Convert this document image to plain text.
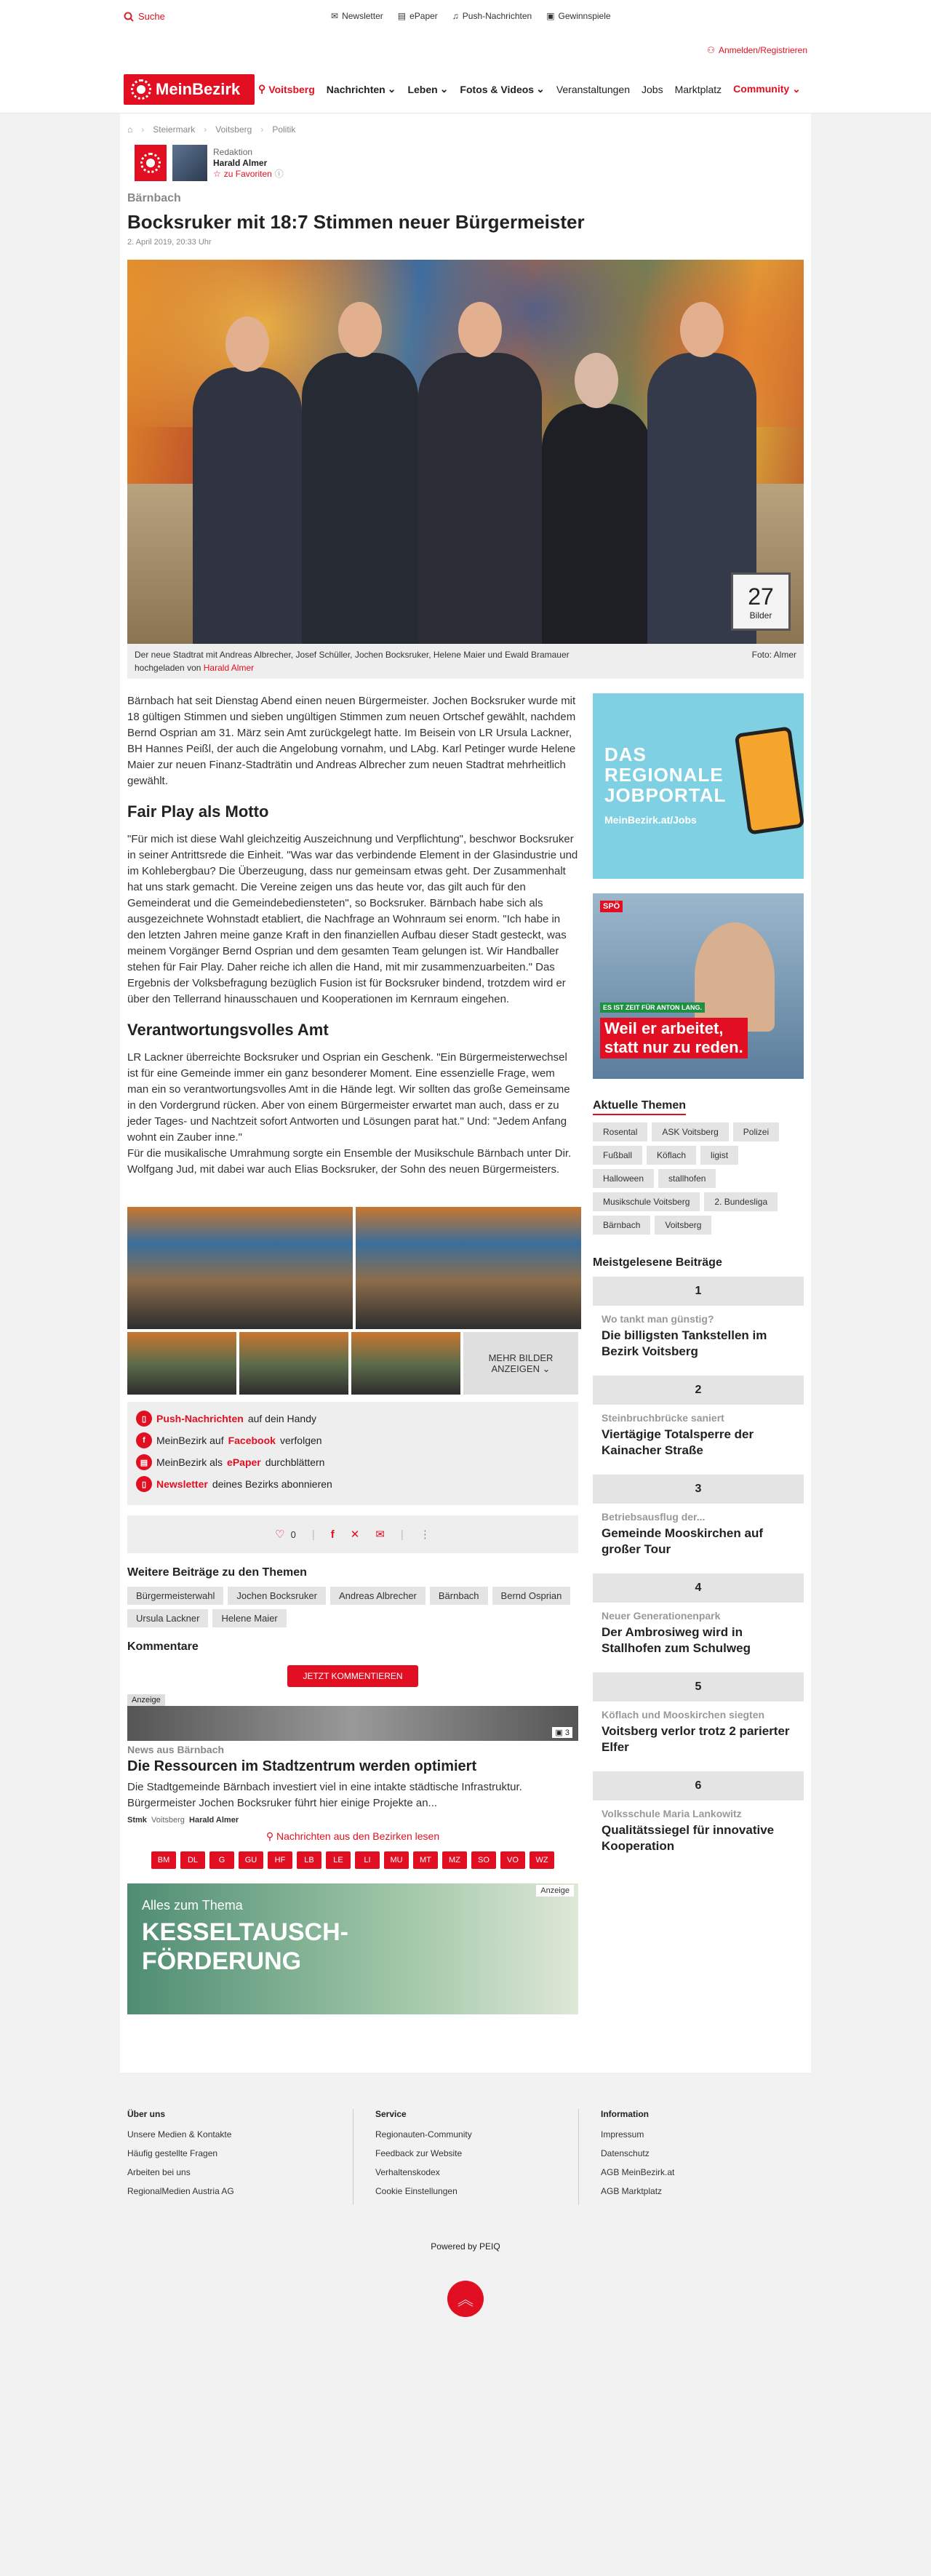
Suche	✉ Newsletter ▤ ePaper ♫ Push-Nachrichten ▣ Gewinnspiele
⚇ Anmelden/Registrieren
MeinBezirk ⚲ Voitsberg Nachrichten ⌄ Leben ⌄ Fotos & Videos ⌄ Veranstaltungen Jobs Marktplatz Community ⌄
⌂ › Steiermark › Voitsberg › Politik
Redaktion
Harald Almer
☆ zu Favoriten ⓘ
Bärnbach
Bocksruker mit 18:7 Stimmen neuer Bürgermeister
2. April 2019, 20:33 Uhr
27
Bilder
Der neue Stadtrat mit Andreas Albrecher, Josef Schüller, Jochen Bocksruker, Helene Maier und Ewald Bramauer
hochgeladen von Harald Almer
Foto: Almer

Bärnbach hat seit Dienstag Abend einen neuen Bürgermeister. Jochen Bocksruker wurde mit 18 gültigen Stimmen und sieben ungültigen Stimmen zum neuen Ortschef gewählt, nachdem Bernd Osprian am 31. März sein Amt zurückgelegt hatte. Im Beisein von LR Ursula Lackner, BH Hannes Peißl, der auch die Angelobung vornahm, und LAbg. Karl Petinger wurde Helene Maier zur neuen Finanz-Stadträtin und Andreas Albrecher zum neuen Stadtrat mehrheitlich gewählt.

Fair Play als Motto

"Für mich ist diese Wahl gleichzeitig Auszeichnung und Verpflichtung", beschwor Bocksruker in seiner Antrittsrede die Einheit. "Was war das verbindende Element in der Glasindustrie und im Kohlebergbau? Die Überzeugung, dass nur gemeinsam etwas geht. Der Zusammenhalt hat uns stark gemacht. Die Vereine zeigen uns das heute vor, das gilt auch für den Gemeinderat und die Gemeindebediensteten", so Bocksruker. Bärnbach habe sich als ausgezeichnete Wohnstadt etabliert, die Nachfrage an Wohnraum sei enorm. "Ich habe in den letzten Jahren meine ganze Kraft in den finanziellen Aufbau dieser Stadt gesteckt, was meinem Vorgänger Bernd Osprian und dem gesamten Team gelungen ist. Wir Handballer stehen für Fair Play. Daher reiche ich allen die Hand, mit mir zusammenzuarbeiten." Das Ergebnis der Volksbefragung bezüglich Fusion ist für Bocksruker bindend, trotzdem wird er über den Tellerrand hinausschauen und Kooperationen im Kernraum eingehen.

Verantwortungsvolles Amt

LR Lackner überreichte Bocksruker und Osprian ein Geschenk. "Ein Bürgermeisterwechsel ist für eine Gemeinde immer ein ganz besonderer Moment. Eine essenzielle Frage, wem man ein so verantwortungsvolles Amt in die Hände legt. Wir sollten das große Gemeinsame in den Vordergrund rücken. Aber von einem Bürgermeister erwartet man auch, dass er zu jeder Tages- und Nachtzeit sofort Antworten und Lösungen parat hat." Und: "Jedem Anfang wohnt ein Zauber inne."

Für die musikalische Umrahmung sorgte ein Ensemble der Musikschule Bärnbach unter Dir. Wolfgang Jud, mit dabei war auch Elias Bocksruker, der Sohn des neuen Bürgermeisters.

MEHR BILDER
ANZEIGEN ⌄
▯ Push-Nachrichten auf dein Handy
f	MeinBezirk auf Facebook verfolgen
▤ MeinBezirk als ePaper durchblättern
▯ Newsletter deines Bezirks abonnieren
♡ 0 | f ✕ ✉ | ⋮
Weitere Beiträge zu den Themen
Bürgermeisterwahl	Jochen Bocksruker	Andreas Albrecher	Bärnbach	Bernd Osprian
Ursula Lackner	Helene Maier
Kommentare
JETZT KOMMENTIEREN
Anzeige
▣ 3
News aus Bärnbach
Die Ressourcen im Stadtzentrum werden optimiert
Die Stadtgemeinde Bärnbach investiert viel in eine intakte städtische Infrastruktur. Bürgermeister Jochen Bocksruker führt hier einige Projekte an...
Stmk Voitsberg Harald Almer
⚲ Nachrichten aus den Bezirken lesen
BM	DL	G	GU	HF	LB	LE	LI	MU	MT	MZ	SO	VO	WZ
Anzeige
Alles zum Thema
KESSELTAUSCH-
FÖRDERUNG
DAS
REGIONALE
JOBPORTAL
MeinBezirk.at/Jobs
SPÖ
ES IST ZEIT FÜR ANTON LANG.
Weil er arbeitet,
statt nur zu reden.
Aktuelle Themen
Rosental	ASK Voitsberg	Polizei
Fußball	Köflach	ligist
Halloween	stallhofen
Musikschule Voitsberg	2. Bundesliga
Bärnbach	Voitsberg
Meistgelesene Beiträge
1
Wo tankt man günstig?
Die billigsten Tankstellen im Bezirk Voitsberg
2
Steinbruchbrücke saniert
Viertägige Totalsperre der Kainacher Straße
3
Betriebsausflug der...
Gemeinde Mooskirchen auf großer Tour
4
Neuer Generationenpark
Der Ambrosiweg wird in Stallhofen zum Schulweg
5
Köflach und Mooskirchen siegten
Voitsberg verlor trotz 2 parierter Elfer
6
Volksschule Maria Lankowitz
Qualitätssiegel für innovative Kooperation
Über uns
Unsere Medien & Kontakte
Häufig gestellte Fragen
Arbeiten bei uns
RegionalMedien Austria AG
Service
Regionauten-Community
Feedback zur Website
Verhaltenskodex
Cookie Einstellungen
Information
Impressum
Datenschutz
AGB MeinBezirk.at
AGB Marktplatz
Powered by PEIQ
︽
